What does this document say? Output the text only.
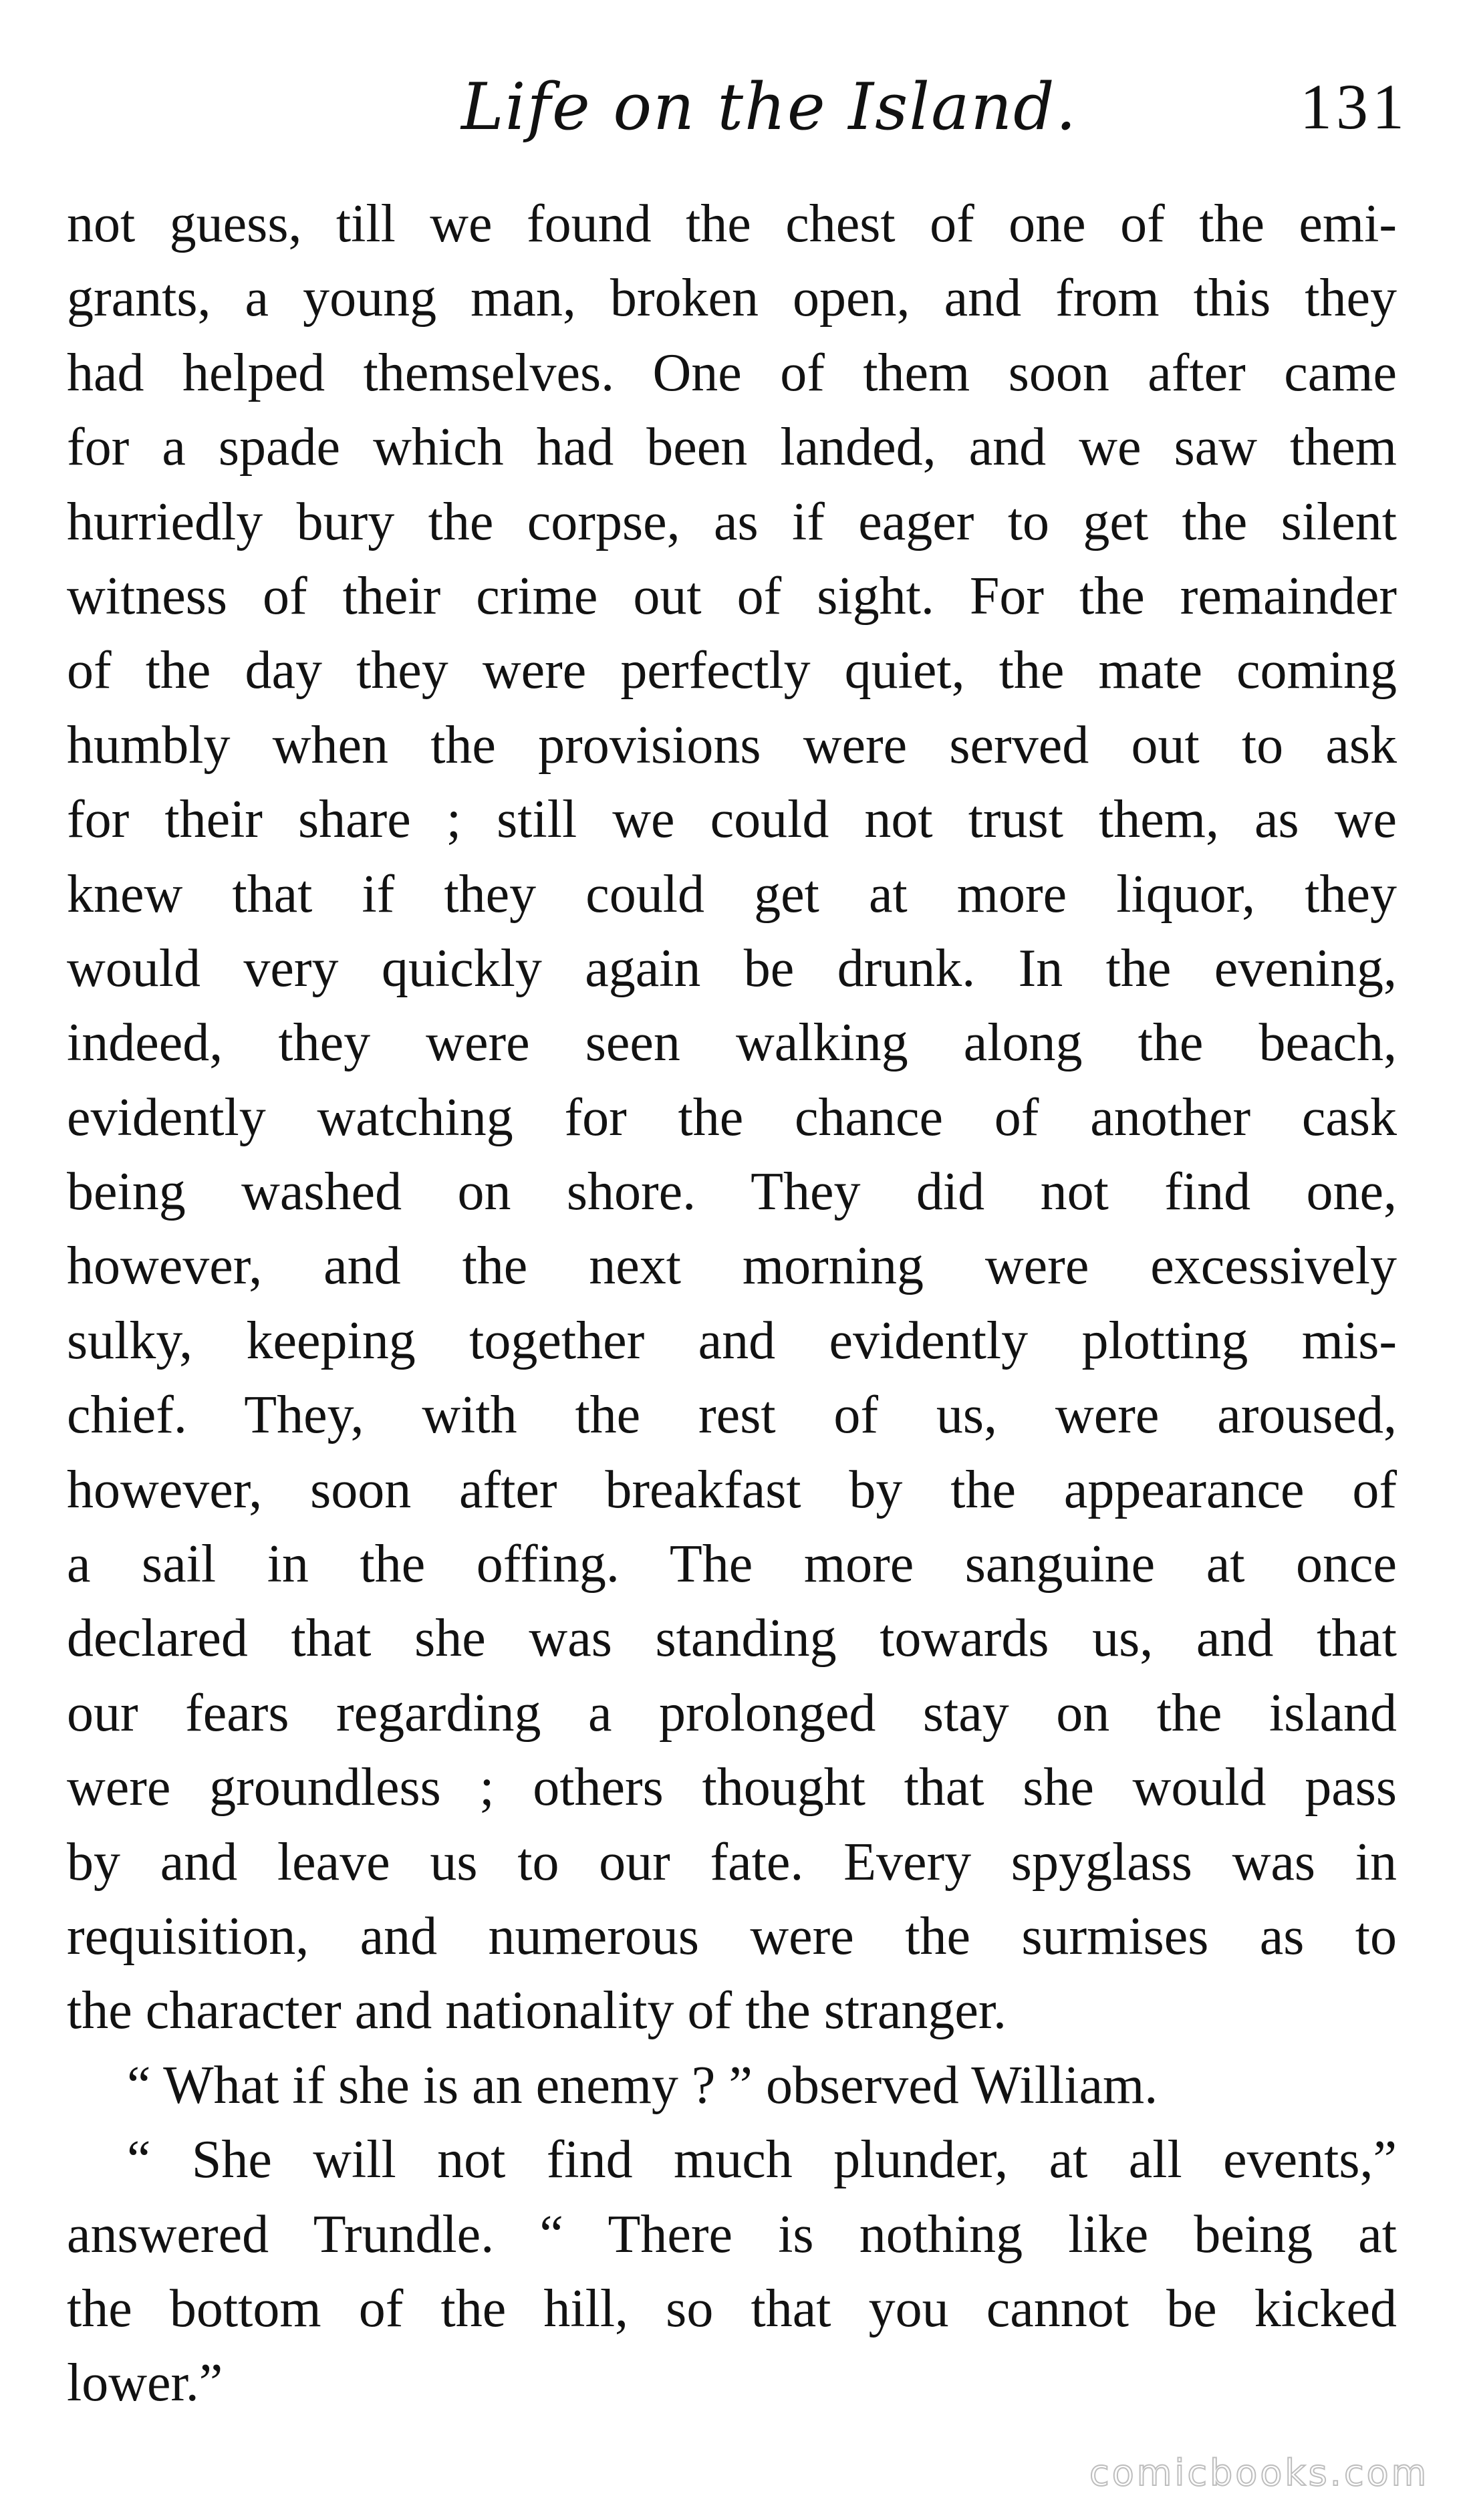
Life on the Island.	131
not guess, till we found the chest of one of the emi-
grants, a young man, broken open, and from this they
had helped themselves. One of them soon after came
for a spade which had been landed, and we saw them
hurriedly bury the corpse, as if eager to get the silent
witness of their crime out of sight. For the remainder
of the day they were perfectly quiet, the mate coming
humbly when the provisions were served out to ask
for their share ; still we could not trust them, as we
knew that if they could get at more liquor, they
would very quickly again be drunk. In the evening,
indeed, they were seen walking along the beach,
evidently watching for the chance of another cask
being washed on shore. They did not find one,
however, and the next morning were excessively
sulky, keeping together and evidently plotting mis-
chief. They, with the rest of us, were aroused,
however, soon after breakfast by the appearance of
a sail in the offing. The more sanguine at once
declared that she was standing towards us, and that
our fears regarding a prolonged stay on the island
were groundless ; others thought that she would pass
by and leave us to our fate. Every spyglass was in
requisition, and numerous were the surmises as to
the character and nationality of the stranger.
“ What if she is an enemy ? ” observed William.
“ She will not find much plunder, at all events,”
answered Trundle. “ There is nothing like being at
the bottom of the hill, so that you cannot be kicked
lower.”
comicbooks.com
